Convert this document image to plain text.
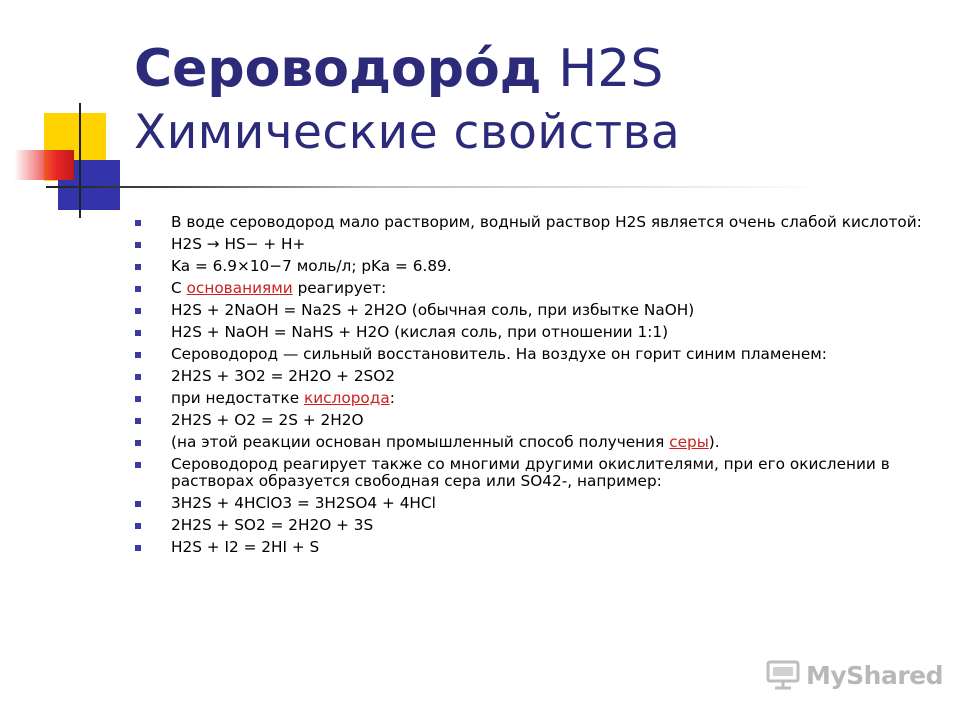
Сероводоро́д H2S
Химические свойства
В воде сероводород мало растворим, водный раствор H2S является очень слабой кислотой:
H2S → HS− + H+
Ka = 6.9×10−7 моль/л; pKa = 6.89.
С основаниями реагирует:
H2S + 2NaOH = Na2S + 2H2O (обычная соль, при избытке NaOH)
H2S + NaOH = NaHS + H2O (кислая соль, при отношении 1:1)
Сероводород — сильный восстановитель. На воздухе он горит синим пламенем:
2H2S + 3O2 = 2H2O + 2SO2
при недостатке кислорода:
2H2S + O2 = 2S + 2H2O
(на этой реакции основан промышленный способ получения серы).
Сероводород реагирует также со многими другими окислителями, при его окислении в растворах образуется свободная сера или SO42-, например:
3H2S + 4HClO3 = 3H2SO4 + 4HCl
2H2S + SO2 = 2H2O + 3S
H2S + I2 = 2HI + S
MyShared
